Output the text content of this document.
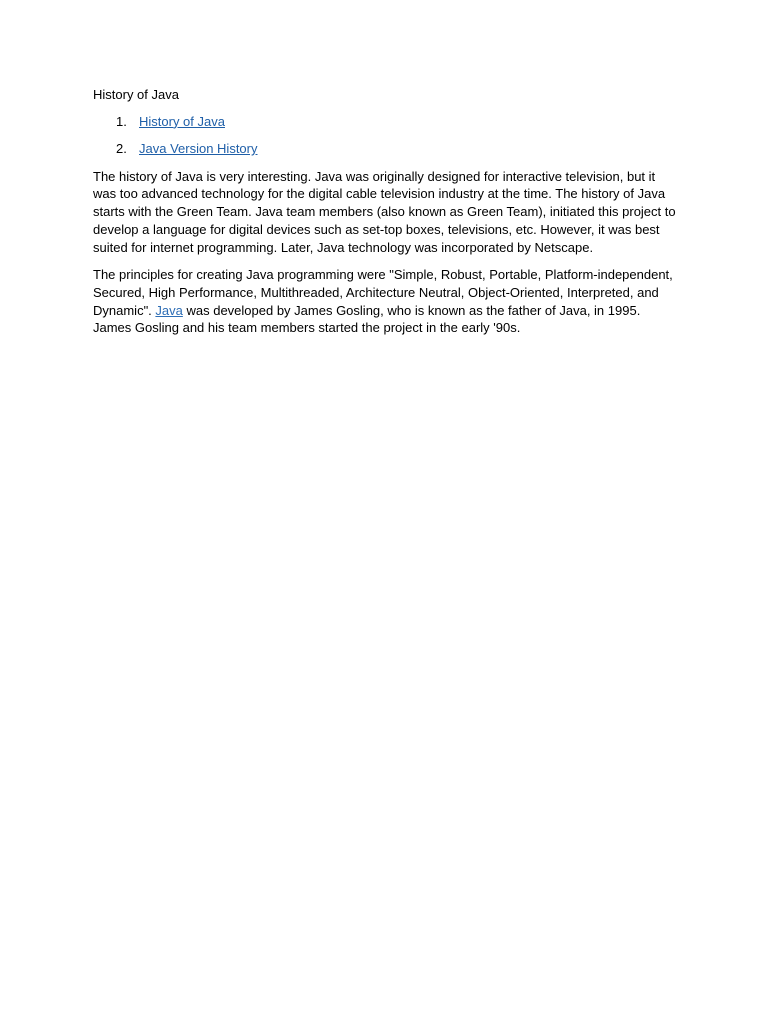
History of Java
1. History of Java
2. Java Version History

The history of Java is very interesting. Java was originally designed for interactive television, but it was too advanced technology for the digital cable television industry at the time. The history of Java starts with the Green Team. Java team members (also known as Green Team), initiated this project to develop a language for digital devices such as set-top boxes, televisions, etc. However, it was best suited for internet programming. Later, Java technology was incorporated by Netscape.

The principles for creating Java programming were "Simple, Robust, Portable, Platform-independent, Secured, High Performance, Multithreaded, Architecture Neutral, Object-Oriented, Interpreted, and Dynamic". Java was developed by James Gosling, who is known as the father of Java, in 1995. James Gosling and his team members started the project in the early '90s.
